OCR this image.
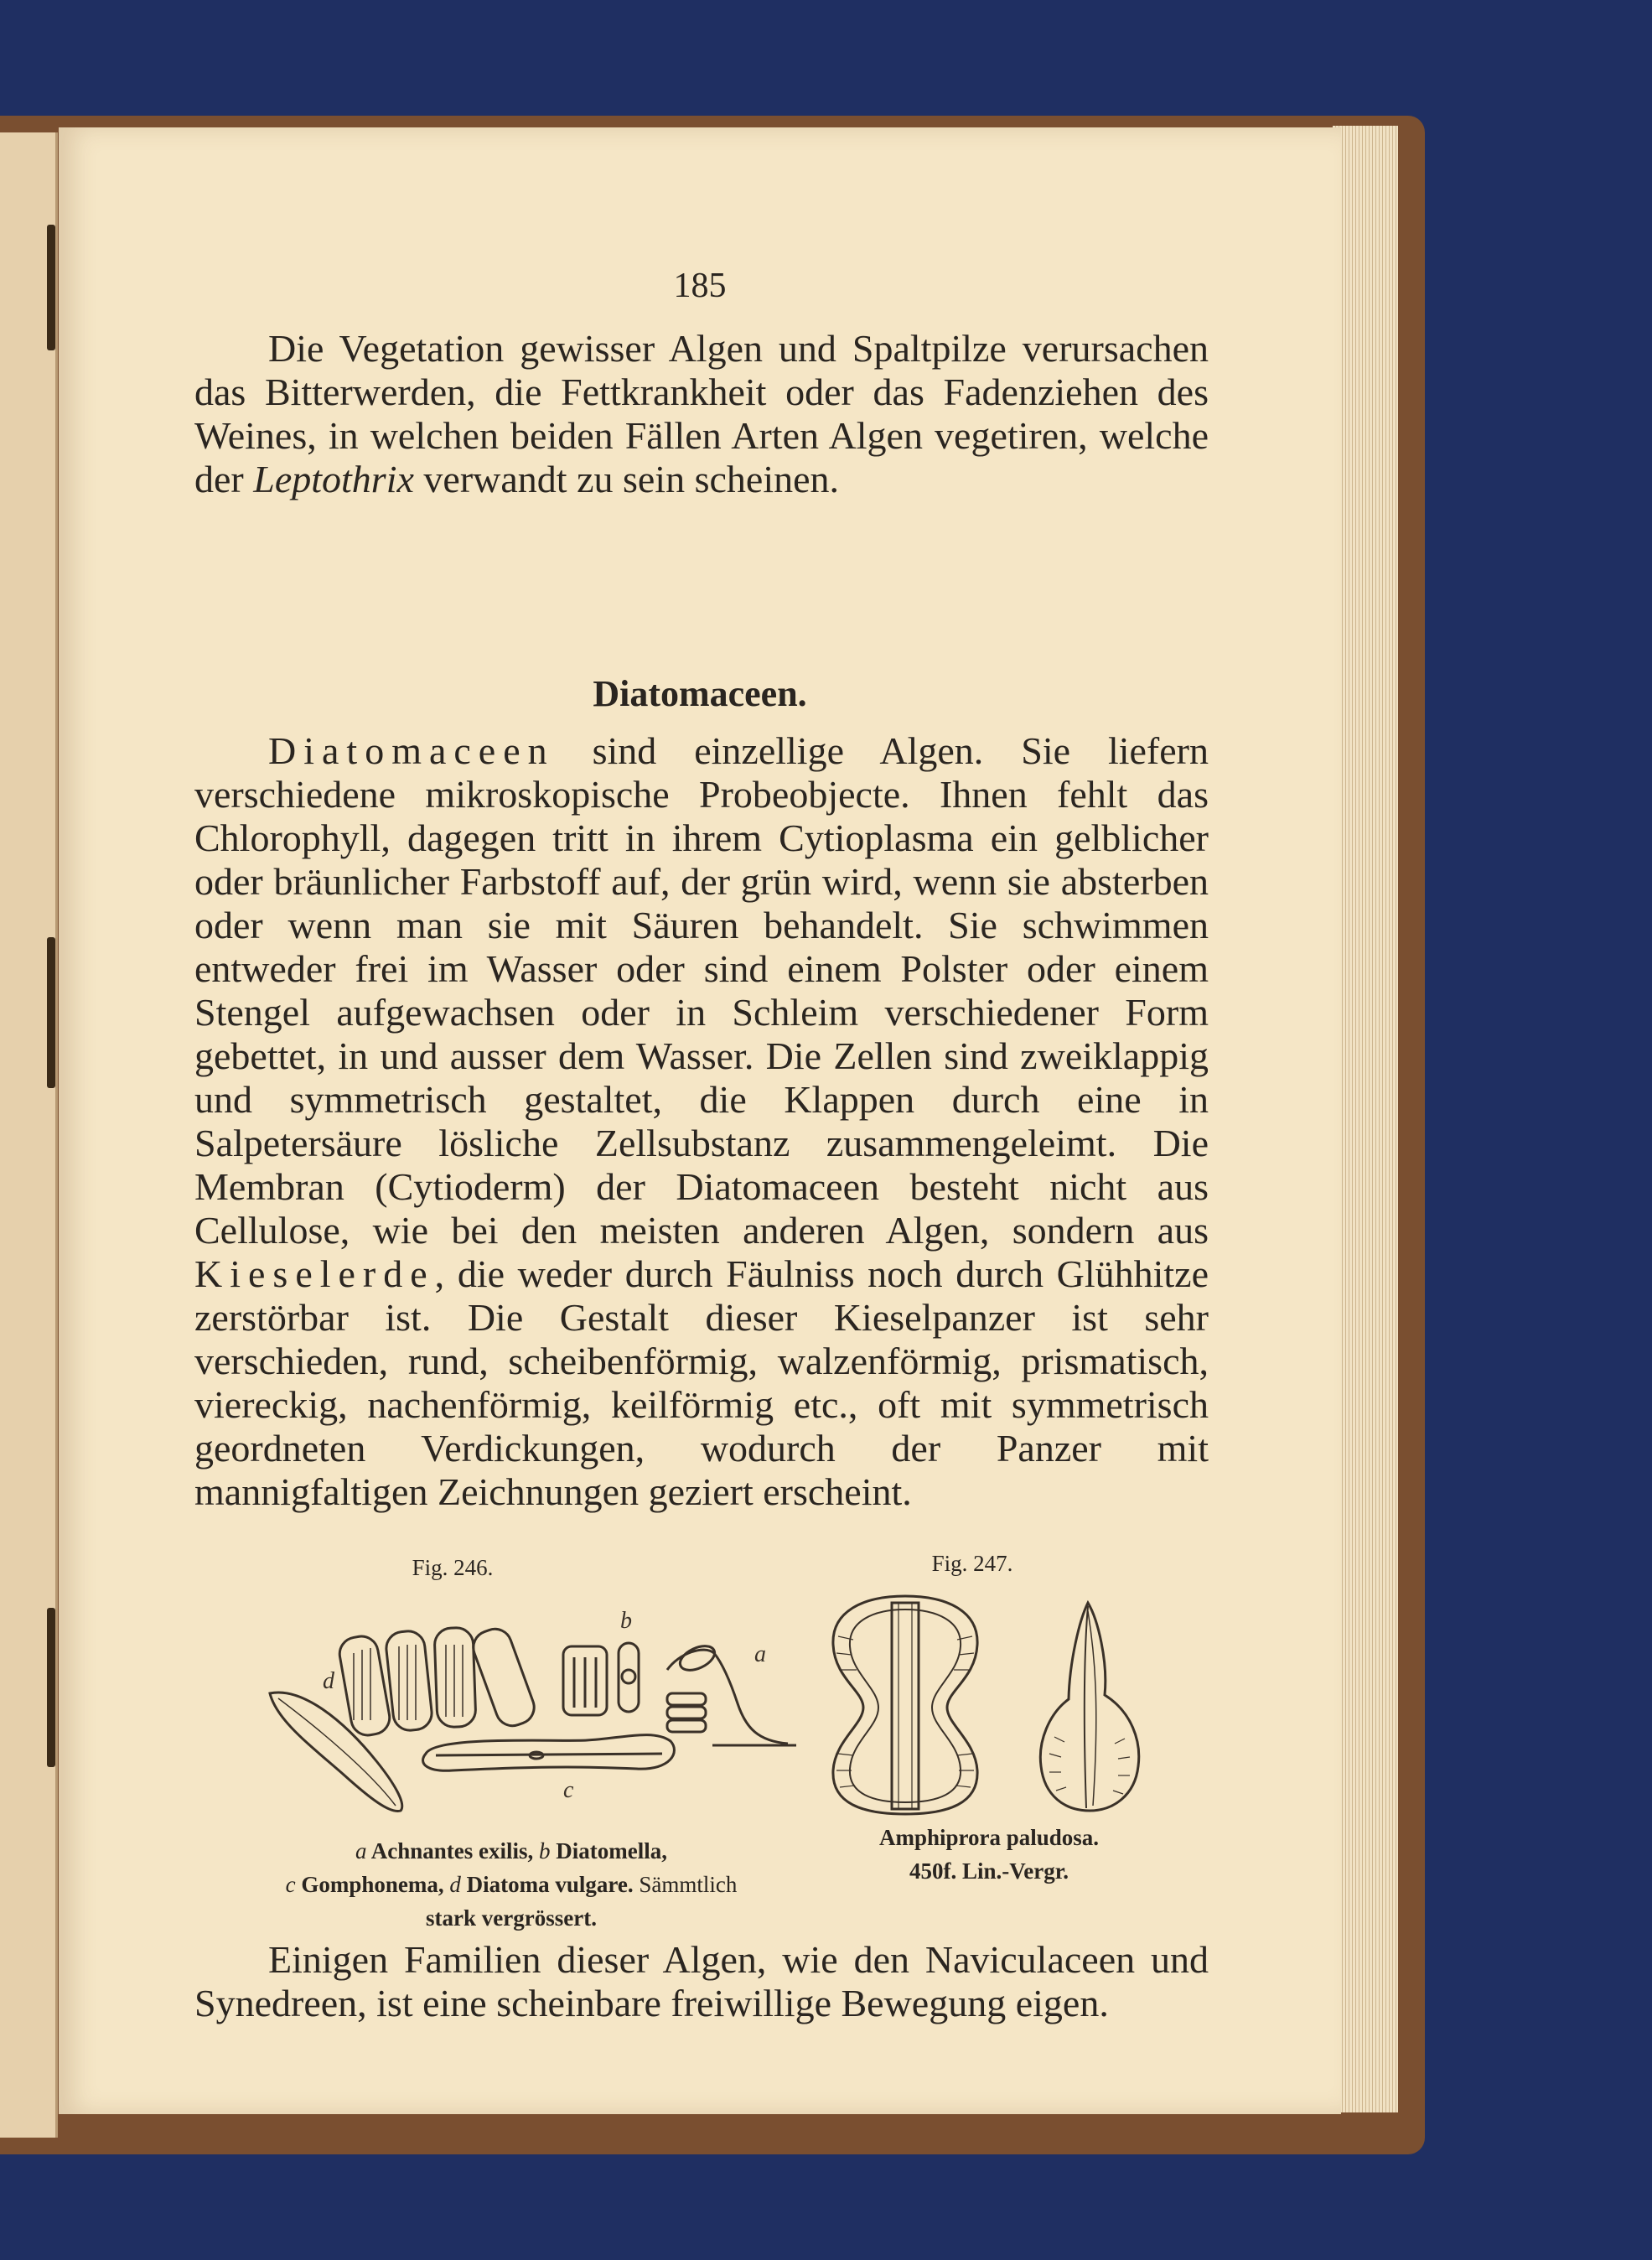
185

Die Vegetation gewisser Algen und Spaltpilze verursachen das Bitterwerden, die Fettkrankheit oder das Fadenziehen des Weines, in welchen beiden Fällen Arten Algen vegetiren, welche der Leptothrix verwandt zu sein scheinen.

Diatomaceen.

Diatomaceen sind einzellige Algen. Sie liefern verschiedene mikroskopische Probeobjecte. Ihnen fehlt das Chlorophyll, dagegen tritt in ihrem Cytioplasma ein gelblicher oder bräunlicher Farbstoff auf, der grün wird, wenn sie absterben oder wenn man sie mit Säuren behandelt. Sie schwimmen entweder frei im Wasser oder sind einem Polster oder einem Stengel aufgewachsen oder in Schleim verschiedener Form gebettet, in und ausser dem Wasser. Die Zellen sind zweiklappig und symmetrisch gestaltet, die Klappen durch eine in Salpetersäure lösliche Zellsubstanz zusammengeleimt. Die Membran (Cytioderm) der Diatomaceen besteht nicht aus Cellulose, wie bei den meisten anderen Algen, sondern aus Kieselerde, die weder durch Fäulniss noch durch Glühhitze zerstörbar ist. Die Gestalt dieser Kieselpanzer ist sehr verschieden, rund, scheibenförmig, walzenförmig, prismatisch, viereckig, nachenförmig, keilförmig etc., oft mit symmetrisch geordneten Verdickungen, wodurch der Panzer mit mannigfaltigen Zeichnungen geziert erscheint.

Fig. 246.
d
b
a
c
a Achnantes exilis, b Diatomella,
c Gomphonema, d Diatoma vulgare. Sämmtlich
stark vergrössert.
Fig. 247.
Amphiprora paludosa.
450f. Lin.-Vergr.

Einigen Familien dieser Algen, wie den Naviculaceen und Synedreen, ist eine scheinbare freiwillige Bewegung eigen.
